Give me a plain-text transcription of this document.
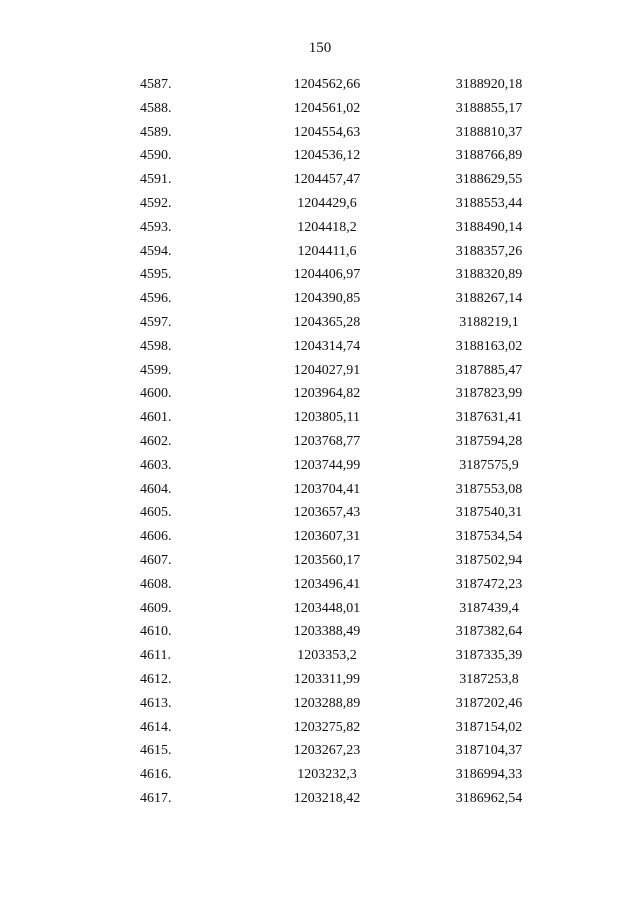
150
4587.	1204562,66	3188920,18
4588.	1204561,02	3188855,17
4589.	1204554,63	3188810,37
4590.	1204536,12	3188766,89
4591.	1204457,47	3188629,55
4592.	1204429,6	3188553,44
4593.	1204418,2	3188490,14
4594.	1204411,6	3188357,26
4595.	1204406,97	3188320,89
4596.	1204390,85	3188267,14
4597.	1204365,28	3188219,1
4598.	1204314,74	3188163,02
4599.	1204027,91	3187885,47
4600.	1203964,82	3187823,99
4601.	1203805,11	3187631,41
4602.	1203768,77	3187594,28
4603.	1203744,99	3187575,9
4604.	1203704,41	3187553,08
4605.	1203657,43	3187540,31
4606.	1203607,31	3187534,54
4607.	1203560,17	3187502,94
4608.	1203496,41	3187472,23
4609.	1203448,01	3187439,4
4610.	1203388,49	3187382,64
4611.	1203353,2	3187335,39
4612.	1203311,99	3187253,8
4613.	1203288,89	3187202,46
4614.	1203275,82	3187154,02
4615.	1203267,23	3187104,37
4616.	1203232,3	3186994,33
4617.	1203218,42	3186962,54
